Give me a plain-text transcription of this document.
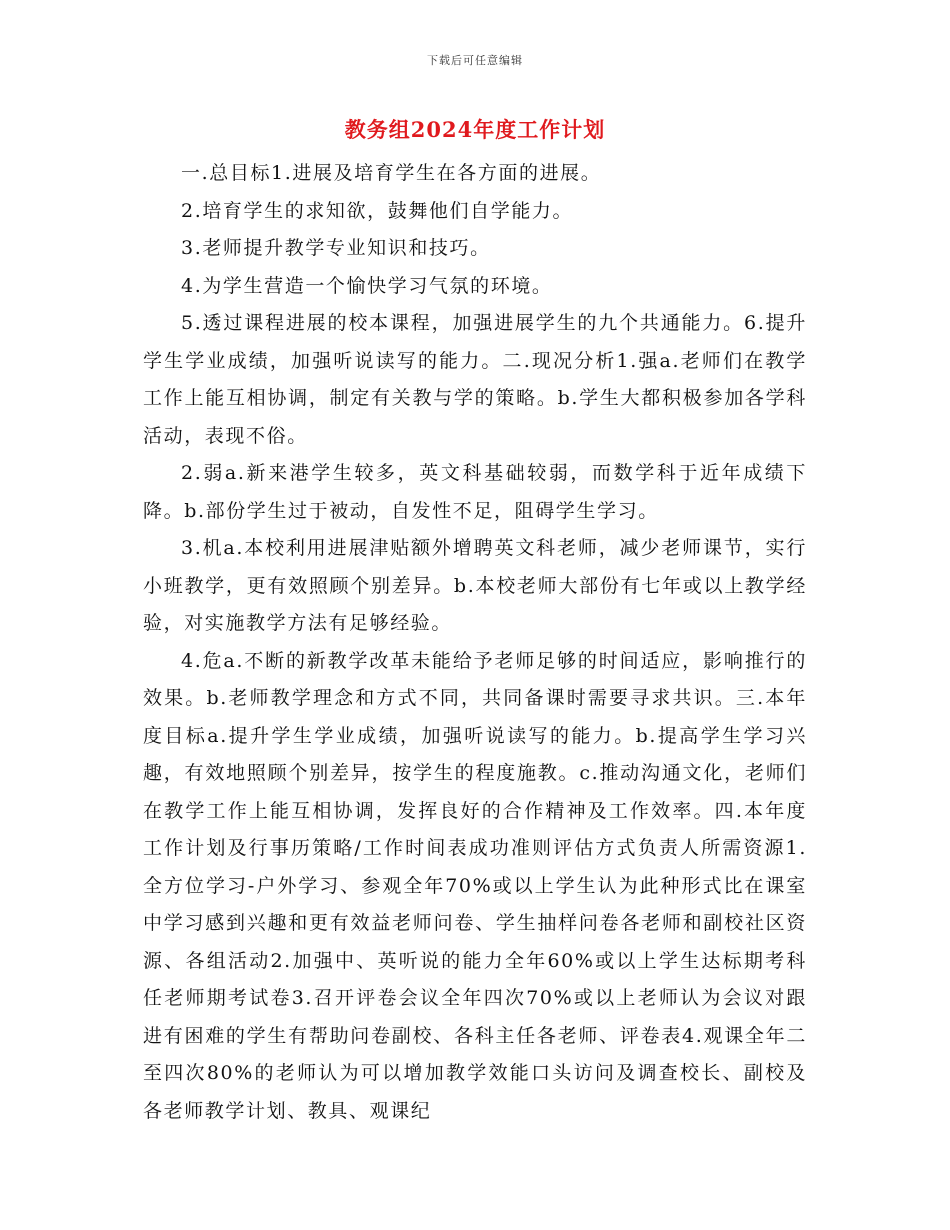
下载后可任意编辑
教务组2024年度工作计划

一.总目标1.进展及培育学生在各方面的进展。

2.培育学生的求知欲，鼓舞他们自学能力。

3.老师提升教学专业知识和技巧。

4.为学生营造一个愉快学习气氛的环境。

5.透过课程进展的校本课程，加强进展学生的九个共通能力。6.提升学生学业成绩，加强听说读写的能力。二.现况分析1.强a.老师们在教学工作上能互相协调，制定有关教与学的策略。b.学生大都积极参加各学科活动，表现不俗。

2.弱a.新来港学生较多，英文科基础较弱，而数学科于近年成绩下降。b.部份学生过于被动，自发性不足，阻碍学生学习。

3.机a.本校利用进展津贴额外增聘英文科老师，减少老师课节，实行小班教学，更有效照顾个别差异。b.本校老师大部份有七年或以上教学经验，对实施教学方法有足够经验。

4.危a.不断的新教学改革未能给予老师足够的时间适应，影响推行的效果。b.老师教学理念和方式不同，共同备课时需要寻求共识。三.本年度目标a.提升学生学业成绩，加强听说读写的能力。b.提高学生学习兴趣，有效地照顾个别差异，按学生的程度施教。c.推动沟通文化，老师们在教学工作上能互相协调，发挥良好的合作精神及工作效率。四.本年度工作计划及行事历策略/工作时间表成功准则评估方式负责人所需资源1.全方位学习-户外学习、参观全年70%或以上学生认为此种形式比在课室中学习感到兴趣和更有效益老师问卷、学生抽样问卷各老师和副校社区资源、各组活动2.加强中、英听说的能力全年60%或以上学生达标期考科任老师期考试卷3.召开评卷会议全年四次70%或以上老师认为会议对跟进有困难的学生有帮助问卷副校、各科主任各老师、评卷表4.观课全年二至四次80%的老师认为可以增加教学效能口头访问及调查校长、副校及各老师教学计划、教具、观课纪
